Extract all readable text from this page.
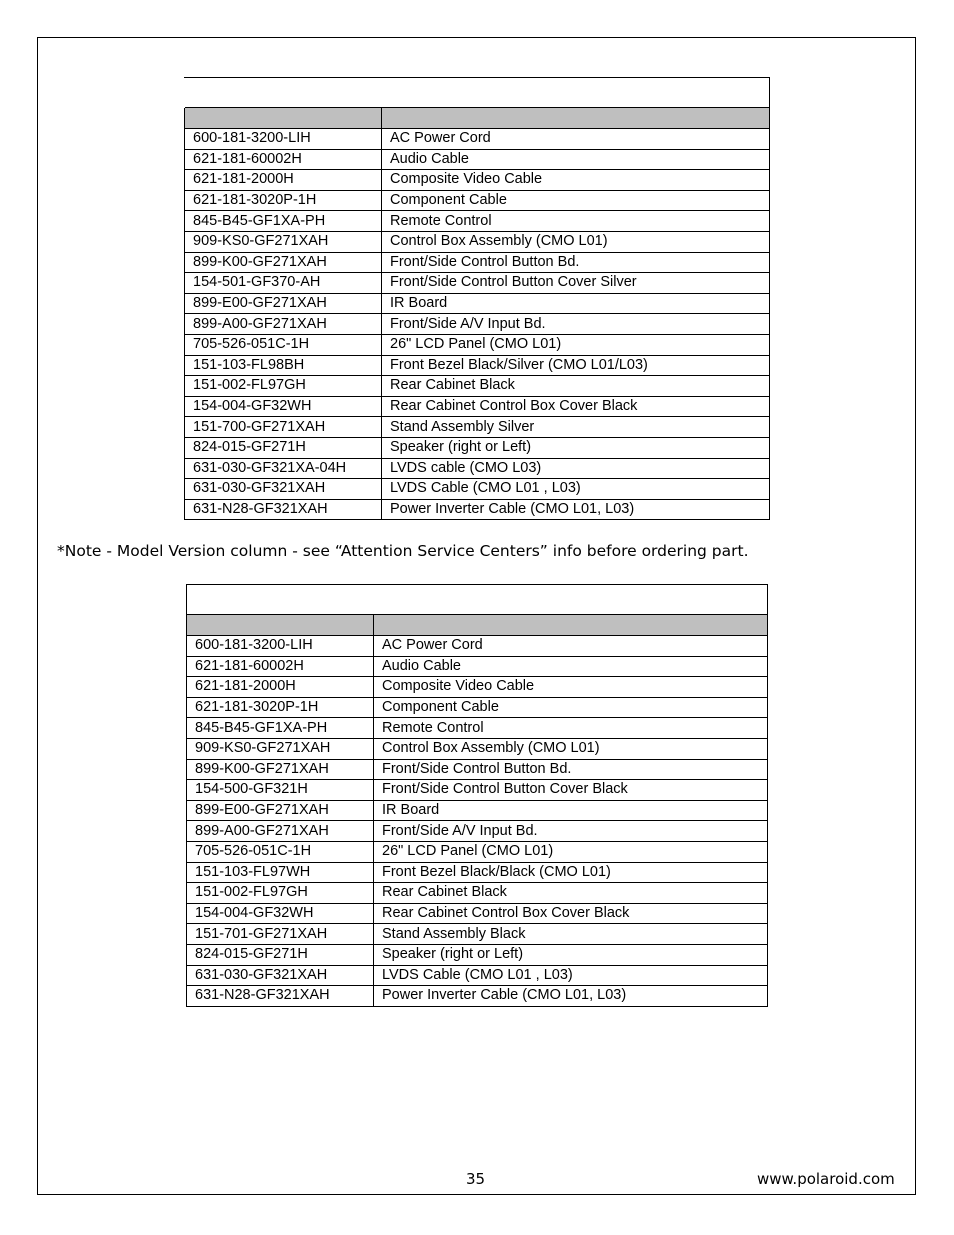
600-181-3200-LIH	AC Power Cord
621-181-60002H	Audio Cable
621-181-2000H	Composite Video Cable
621-181-3020P-1H	Component Cable
845-B45-GF1XA-PH	Remote Control
909-KS0-GF271XAH	Control Box Assembly (CMO L01)
899-K00-GF271XAH	Front/Side Control Button Bd.
154-501-GF370-AH	Front/Side Control Button Cover Silver
899-E00-GF271XAH	IR Board
899-A00-GF271XAH	Front/Side A/V Input Bd.
705-526-051C-1H	26" LCD Panel (CMO L01)
151-103-FL98BH	Front Bezel Black/Silver (CMO L01/L03)
151-002-FL97GH	Rear Cabinet Black
154-004-GF32WH	Rear Cabinet Control Box Cover Black
151-700-GF271XAH	Stand Assembly Silver
824-015-GF271H	Speaker (right or Left)
631-030-GF321XA-04H	LVDS cable (CMO L03)
631-030-GF321XAH	LVDS Cable (CMO L01 , L03)
631-N28-GF321XAH	Power Inverter Cable (CMO L01, L03)
*Note - Model Version column - see “Attention Service Centers” info before ordering part.

600-181-3200-LIH	AC Power Cord
621-181-60002H	Audio Cable
621-181-2000H	Composite Video Cable
621-181-3020P-1H	Component Cable
845-B45-GF1XA-PH	Remote Control
909-KS0-GF271XAH	Control Box Assembly (CMO L01)
899-K00-GF271XAH	Front/Side Control Button Bd.
154-500-GF321H	Front/Side Control Button Cover Black
899-E00-GF271XAH	IR Board
899-A00-GF271XAH	Front/Side A/V Input Bd.
705-526-051C-1H	26" LCD Panel (CMO L01)
151-103-FL97WH	Front Bezel Black/Black (CMO L01)
151-002-FL97GH	Rear Cabinet Black
154-004-GF32WH	Rear Cabinet Control Box Cover Black
151-701-GF271XAH	Stand Assembly Black
824-015-GF271H	Speaker (right or Left)
631-030-GF321XAH	LVDS Cable (CMO L01 , L03)
631-N28-GF321XAH	Power Inverter Cable (CMO L01, L03)
35	www.polaroid.com
